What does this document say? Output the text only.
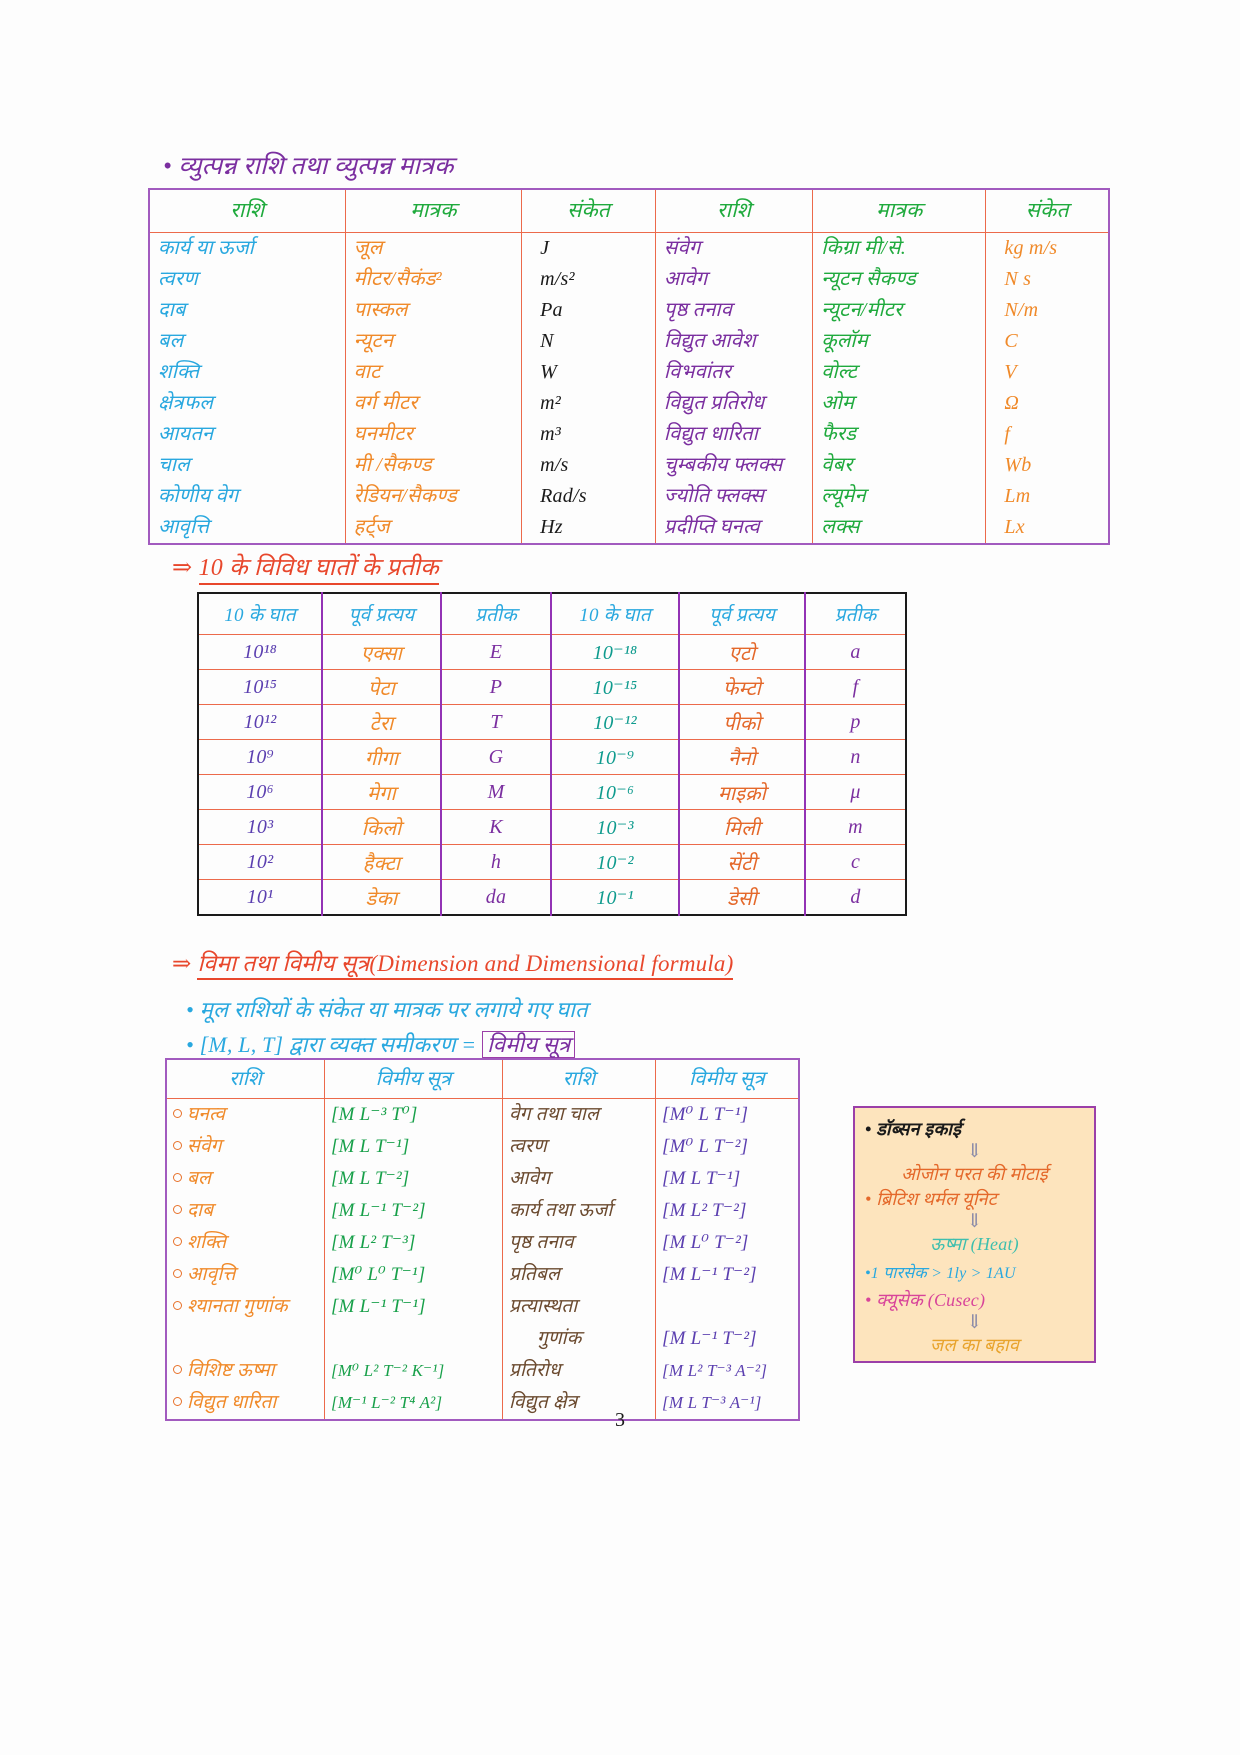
• व्युत्पन्न राशि तथा व्युत्पन्न मात्रक
राशि	मात्रक	संकेत	राशि	मात्रक	संकेत
कार्य या ऊर्जा	जूल	J	संवेग	किग्रा मी/से.	kg m/s
त्वरण	मीटर/सैकंड²	m/s²	आवेग	न्यूटन सैकण्ड	N s
दाब	पास्कल	Pa	पृष्ठ तनाव	न्यूटन/मीटर	N/m
बल	न्यूटन	N	विद्युत आवेश	कूलॉम	C
शक्ति	वाट	W	विभवांतर	वोल्ट	V
क्षेत्रफल	वर्ग मीटर	m²	विद्युत प्रतिरोध	ओम	Ω
आयतन	घनमीटर	m³	विद्युत धारिता	फैरड	f
चाल	मी /सैकण्ड	m/s	चुम्बकीय फ्लक्स	वेबर	Wb
कोणीय वेग	रेडियन/सैकण्ड	Rad/s	ज्योति फ्लक्स	ल्यूमेन	Lm
आवृत्ति	हर्ट्ज	Hz	प्रदीप्ति घनत्व	लक्स	Lx
⇒ 10 के विविध घातों के प्रतीक
10 के घात	पूर्व प्रत्यय	प्रतीक	10 के घात	पूर्व प्रत्यय	प्रतीक
10¹⁸	एक्सा	E	10⁻¹⁸	एटो	a
10¹⁵	पेटा	P	10⁻¹⁵	फेम्टो	f
10¹²	टेरा	T	10⁻¹²	पीको	p
10⁹	गीगा	G	10⁻⁹	नैनो	n
10⁶	मेगा	M	10⁻⁶	माइक्रो	μ
10³	किलो	K	10⁻³	मिली	m
10²	हैक्टा	h	10⁻²	सेंटी	c
10¹	डेका	da	10⁻¹	डेसी	d
⇒ विमा तथा विमीय सूत्र(Dimension and Dimensional formula)
• मूल राशियों के संकेत या मात्रक पर लगाये गए घात
• [M, L, T] द्वारा व्यक्त समीकरण = विमीय सूत्र
राशि	विमीय सूत्र	राशि	विमीय सूत्र
घनत्व	[M L⁻³ T⁰]	वेग तथा चाल	[M⁰ L T⁻¹]
संवेग	[M L T⁻¹]	त्वरण	[M⁰ L T⁻²]
बल	[M L T⁻²]	आवेग	[M L T⁻¹]
दाब	[M L⁻¹ T⁻²]	कार्य तथा ऊर्जा	[M L² T⁻²]
शक्ति	[M L² T⁻³]	पृष्ठ तनाव	[M L⁰ T⁻²]
आवृत्ति	[M⁰ L⁰ T⁻¹]	प्रतिबल	[M L⁻¹ T⁻²]
श्यानता गुणांक	[M L⁻¹ T⁻¹]	प्रत्यास्थता	
		गुणांक	[M L⁻¹ T⁻²]
विशिष्ट ऊष्मा	[M⁰ L² T⁻² K⁻¹]	प्रतिरोध	[M L² T⁻³ A⁻²]
विद्युत धारिता	[M⁻¹ L⁻² T⁴ A²]	विद्युत क्षेत्र	[M L T⁻³ A⁻¹]
• डॉब्सन इकाई
⇓
ओजोन परत की मोटाई
• ब्रिटिश थर्मल यूनिट
⇓
ऊष्मा (Heat)
•1 पारसेक > 1ly > 1AU
• क्यूसेक (Cusec)
⇓
जल का बहाव
3
